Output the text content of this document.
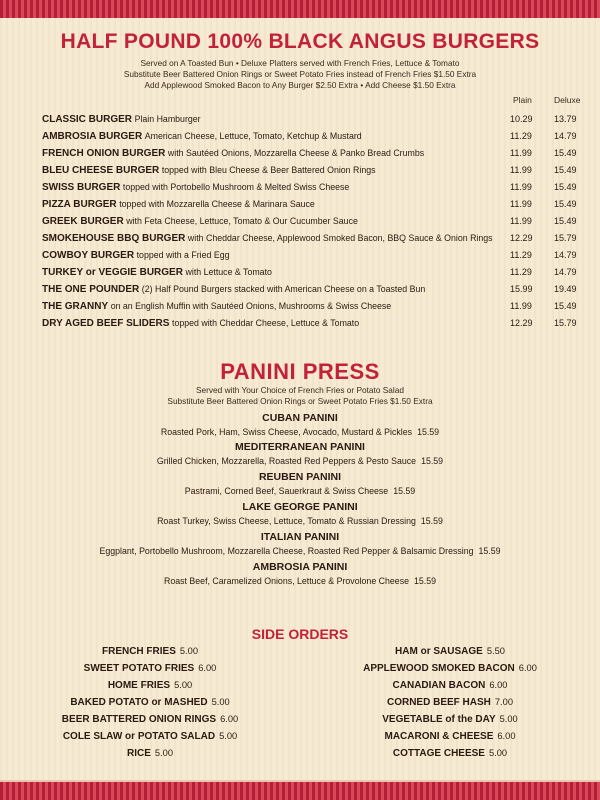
HALF POUND 100% BLACK ANGUS BURGERS
Served on A Toasted Bun • Deluxe Platters served with French Fries, Lettuce & Tomato
Substitute Beer Battered Onion Rings or Sweet Potato Fries instead of French Fries $1.50 Extra
Add Applewood Smoked Bacon to Any Burger $2.50 Extra • Add Cheese $1.50 Extra
Plain	Deluxe
CLASSIC BURGER Plain Hamburger	10.29 13.79
AMBROSIA BURGER American Cheese, Lettuce, Tomato, Ketchup & Mustard	11.29 14.79
FRENCH ONION BURGER with Sautéed Onions, Mozzarella Cheese & Panko Bread Crumbs	11.99 15.49
BLEU CHEESE BURGER topped with Bleu Cheese & Beer Battered Onion Rings	11.99 15.49
SWISS BURGER topped with Portobello Mushroom & Melted Swiss Cheese	11.99 15.49
PIZZA BURGER topped with Mozzarella Cheese & Marinara Sauce	11.99 15.49
GREEK BURGER with Feta Cheese, Lettuce, Tomato & Our Cucumber Sauce	11.99 15.49
SMOKEHOUSE BBQ BURGER with Cheddar Cheese, Applewood Smoked Bacon, BBQ Sauce & Onion Rings 12.29 15.79
COWBOY BURGER topped with a Fried Egg	11.29 14.79
TURKEY or VEGGIE BURGER with Lettuce & Tomato	11.29 14.79
THE ONE POUNDER (2) Half Pound Burgers stacked with American Cheese on a Toasted Bun	15.99 19.49
THE GRANNY on an English Muffin with Sautéed Onions, Mushrooms & Swiss Cheese	11.99 15.49
DRY AGED BEEF SLIDERS topped with Cheddar Cheese, Lettuce & Tomato	12.29 15.79
PANINI PRESS
Served with Your Choice of French Fries or Potato Salad
Substitute Beer Battered Onion Rings or Sweet Potato Fries $1.50 Extra
CUBAN PANINI
Roasted Pork, Ham, Swiss Cheese, Avocado, Mustard & Pickles 15.59
MEDITERRANEAN PANINI
Grilled Chicken, Mozzarella, Roasted Red Peppers & Pesto Sauce 15.59
REUBEN PANINI
Pastrami, Corned Beef, Sauerkraut & Swiss Cheese 15.59
LAKE GEORGE PANINI
Roast Turkey, Swiss Cheese, Lettuce, Tomato & Russian Dressing 15.59
ITALIAN PANINI
Eggplant, Portobello Mushroom, Mozzarella Cheese, Roasted Red Pepper & Balsamic Dressing 15.59
AMBROSIA PANINI
Roast Beef, Caramelized Onions, Lettuce & Provolone Cheese 15.59
SIDE ORDERS
FRENCH FRIES 5.00
SWEET POTATO FRIES 6.00
HOME FRIES 5.00
BAKED POTATO or MASHED 5.00
BEER BATTERED ONION RINGS 6.00
COLE SLAW or POTATO SALAD 5.00
RICE 5.00
HAM or SAUSAGE 5.50
APPLEWOOD SMOKED BACON 6.00
CANADIAN BACON 6.00
CORNED BEEF HASH 7.00
VEGETABLE of the DAY 5.00
MACARONI & CHEESE 6.00
COTTAGE CHEESE 5.00
